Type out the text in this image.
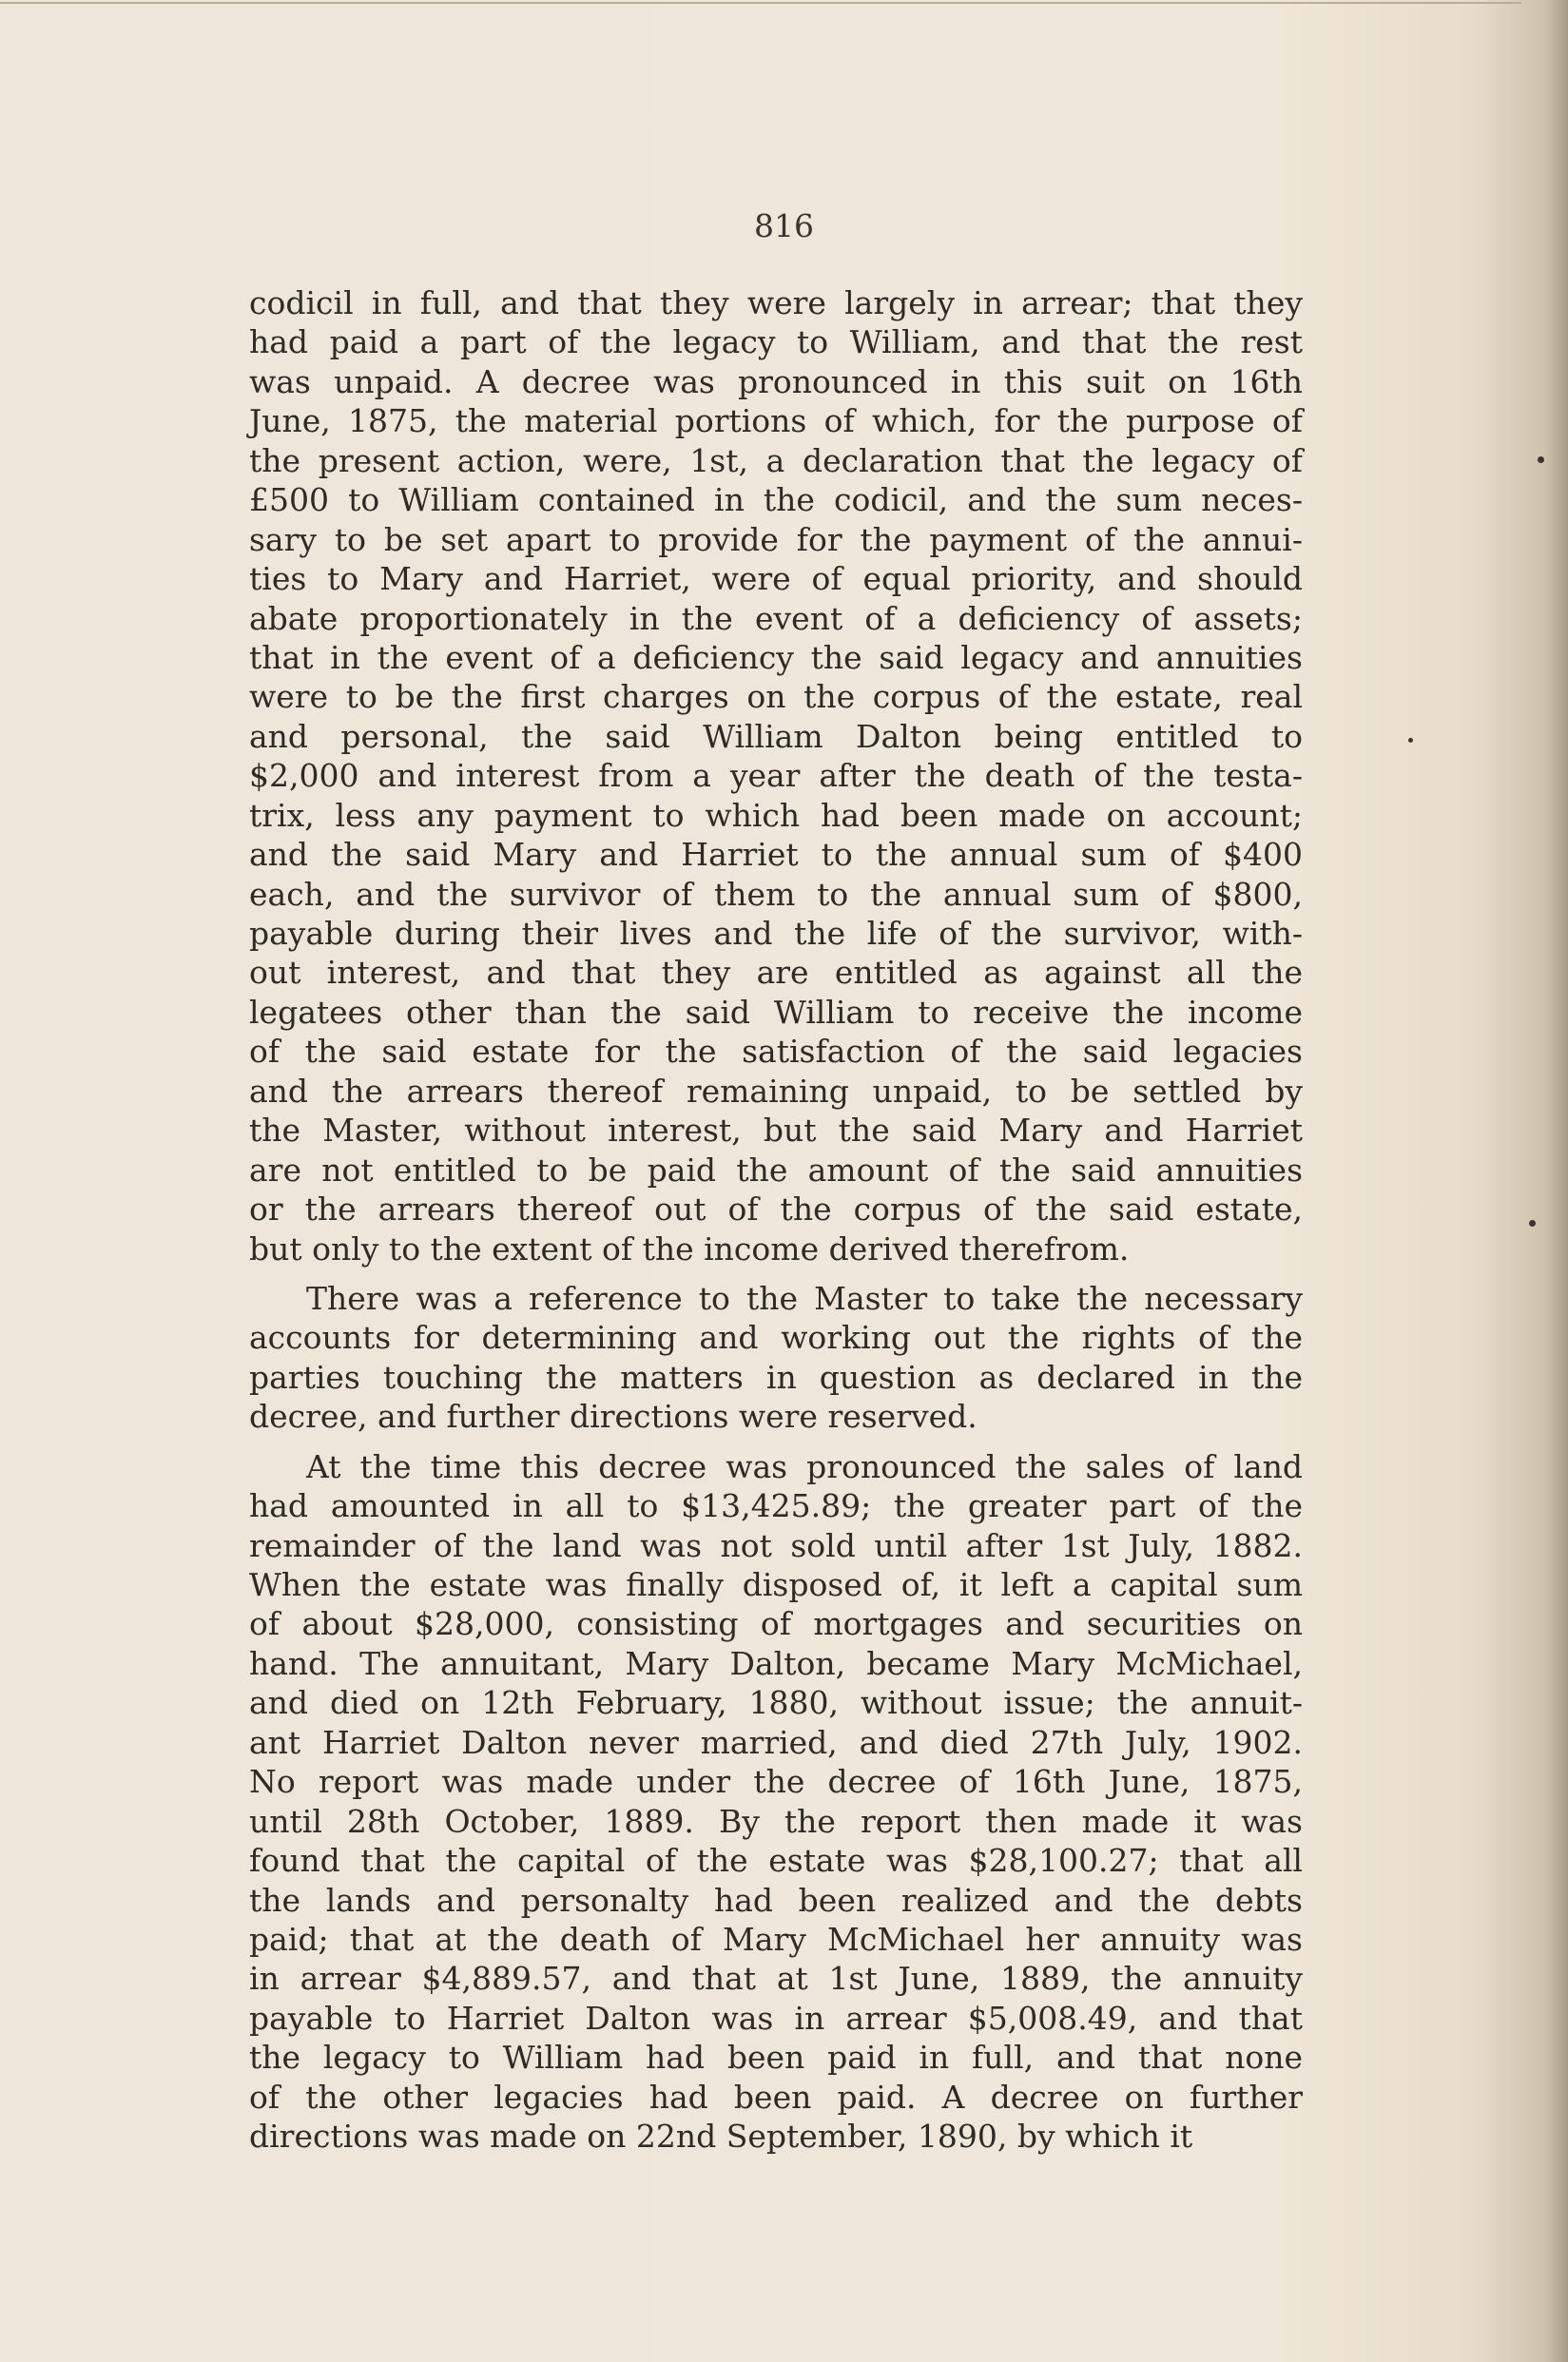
816
codicil in full, and that they were largely in arrear; that they
had paid a part of the legacy to William, and that the rest
was unpaid. A decree was pronounced in this suit on 16th
June, 1875, the material portions of which, for the purpose of
the present action, were, 1st, a declaration that the legacy of
£500 to William contained in the codicil, and the sum neces-
sary to be set apart to provide for the payment of the annui-
ties to Mary and Harriet, were of equal priority, and should
abate proportionately in the event of a deficiency of assets;
that in the event of a deficiency the said legacy and annuities
were to be the first charges on the corpus of the estate, real
and personal, the said William Dalton being entitled to
$2,000 and interest from a year after the death of the testa-
trix, less any payment to which had been made on account;
and the said Mary and Harriet to the annual sum of $400
each, and the survivor of them to the annual sum of $800,
payable during their lives and the life of the survivor, with-
out interest, and that they are entitled as against all the
legatees other than the said William to receive the income
of the said estate for the satisfaction of the said legacies
and the arrears thereof remaining unpaid, to be settled by
the Master, without interest, but the said Mary and Harriet
are not entitled to be paid the amount of the said annuities
or the arrears thereof out of the corpus of the said estate,
but only to the extent of the income derived therefrom.
There was a reference to the Master to take the necessary
accounts for determining and working out the rights of the
parties touching the matters in question as declared in the
decree, and further directions were reserved.
At the time this decree was pronounced the sales of land
had amounted in all to $13,425.89; the greater part of the
remainder of the land was not sold until after 1st July, 1882.
When the estate was finally disposed of, it left a capital sum
of about $28,000, consisting of mortgages and securities on
hand. The annuitant, Mary Dalton, became Mary McMichael,
and died on 12th February, 1880, without issue; the annuit-
ant Harriet Dalton never married, and died 27th July, 1902.
No report was made under the decree of 16th June, 1875,
until 28th October, 1889. By the report then made it was
found that the capital of the estate was $28,100.27; that all
the lands and personalty had been realized and the debts
paid; that at the death of Mary McMichael her annuity was
in arrear $4,889.57, and that at 1st June, 1889, the annuity
payable to Harriet Dalton was in arrear $5,008.49, and that
the legacy to William had been paid in full, and that none
of the other legacies had been paid. A decree on further
directions was made on 22nd September, 1890, by which it
